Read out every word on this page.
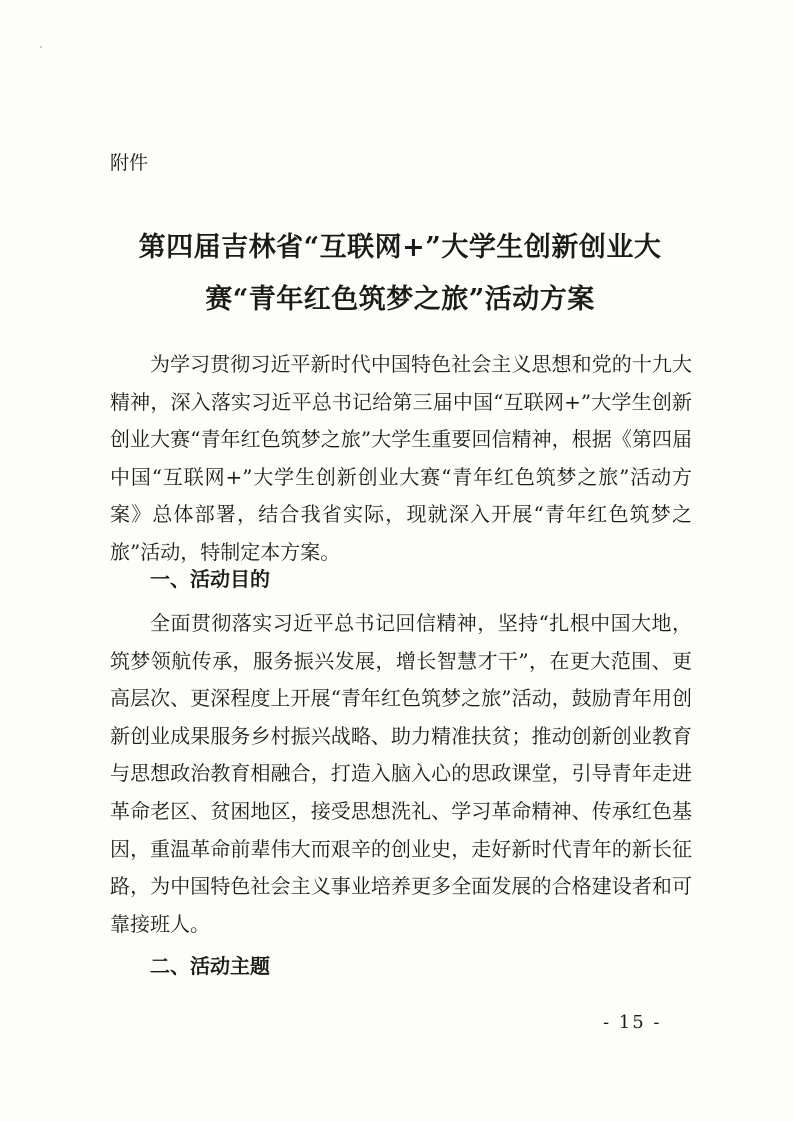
附件

第四届吉林省“互联网+”大学生创新创业大
赛“青年红色筑梦之旅”活动方案

为学习贯彻习近平新时代中国特色社会主义思想和党的十九大精神，深入落实习近平总书记给第三届中国“互联网+”大学生创新创业大赛“青年红色筑梦之旅”大学生重要回信精神，根据《第四届中国“互联网+”大学生创新创业大赛“青年红色筑梦之旅”活动方案》总体部署，结合我省实际，现就深入开展“青年红色筑梦之旅”活动，特制定本方案。

一、活动目的

全面贯彻落实习近平总书记回信精神，坚持“扎根中国大地，筑梦领航传承，服务振兴发展，增长智慧才干”，在更大范围、更高层次、更深程度上开展“青年红色筑梦之旅”活动，鼓励青年用创新创业成果服务乡村振兴战略、助力精准扶贫；推动创新创业教育与思想政治教育相融合，打造入脑入心的思政课堂，引导青年走进革命老区、贫困地区，接受思想洗礼、学习革命精神、传承红色基因，重温革命前辈伟大而艰辛的创业史，走好新时代青年的新长征路，为中国特色社会主义事业培养更多全面发展的合格建设者和可靠接班人。

二、活动主题

- 15 -
